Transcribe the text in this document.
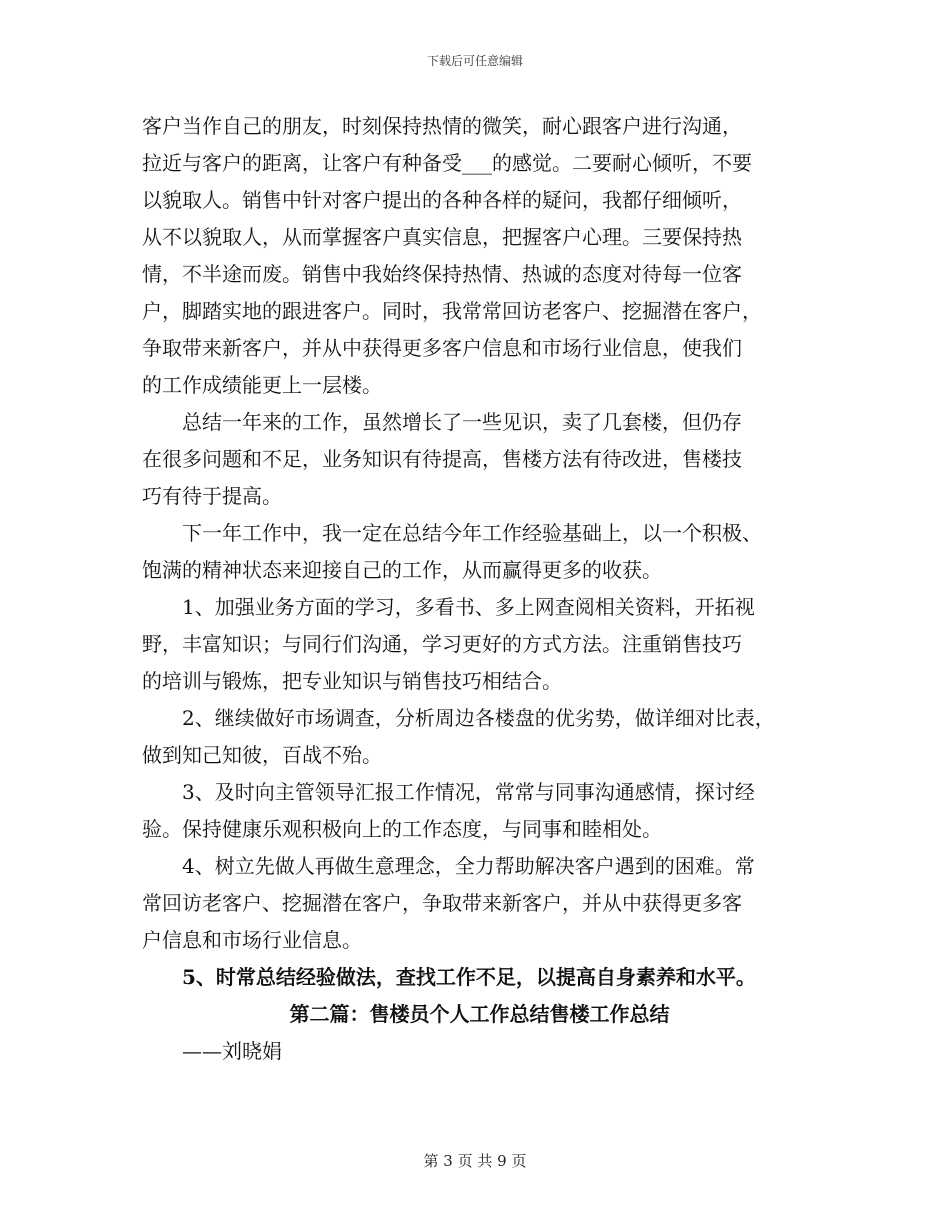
下载后可任意编辑
客户当作自己的朋友，时刻保持热情的微笑，耐心跟客户进行沟通，
拉近与客户的距离，让客户有种备受___的感觉。二要耐心倾听，不要
以貌取人。销售中针对客户提出的各种各样的疑问，我都仔细倾听，
从不以貌取人，从而掌握客户真实信息，把握客户心理。三要保持热
情，不半途而废。销售中我始终保持热情、热诚的态度对待每一位客
户，脚踏实地的跟进客户。同时，我常常回访老客户、挖掘潜在客户，
争取带来新客户，并从中获得更多客户信息和市场行业信息，使我们
的工作成绩能更上一层楼。
　　总结一年来的工作，虽然增长了一些见识，卖了几套楼，但仍存
在很多问题和不足，业务知识有待提高，售楼方法有待改进，售楼技
巧有待于提高。
　　下一年工作中，我一定在总结今年工作经验基础上，以一个积极、
饱满的精神状态来迎接自己的工作，从而赢得更多的收获。
　　1、加强业务方面的学习，多看书、多上网查阅相关资料，开拓视
野，丰富知识；与同行们沟通，学习更好的方式方法。注重销售技巧
的培训与锻炼，把专业知识与销售技巧相结合。
　　2、继续做好市场调查，分析周边各楼盘的优劣势，做详细对比表，
做到知己知彼，百战不殆。
　　3、及时向主管领导汇报工作情况，常常与同事沟通感情，探讨经
验。保持健康乐观积极向上的工作态度，与同事和睦相处。
　　4、树立先做人再做生意理念，全力帮助解决客户遇到的困难。常
常回访老客户、挖掘潜在客户，争取带来新客户，并从中获得更多客
户信息和市场行业信息。
　　5、时常总结经验做法，查找工作不足，以提高自身素养和水平。
第二篇：售楼员个人工作总结售楼工作总结
　　——刘晓娟
第 3 页 共 9 页
